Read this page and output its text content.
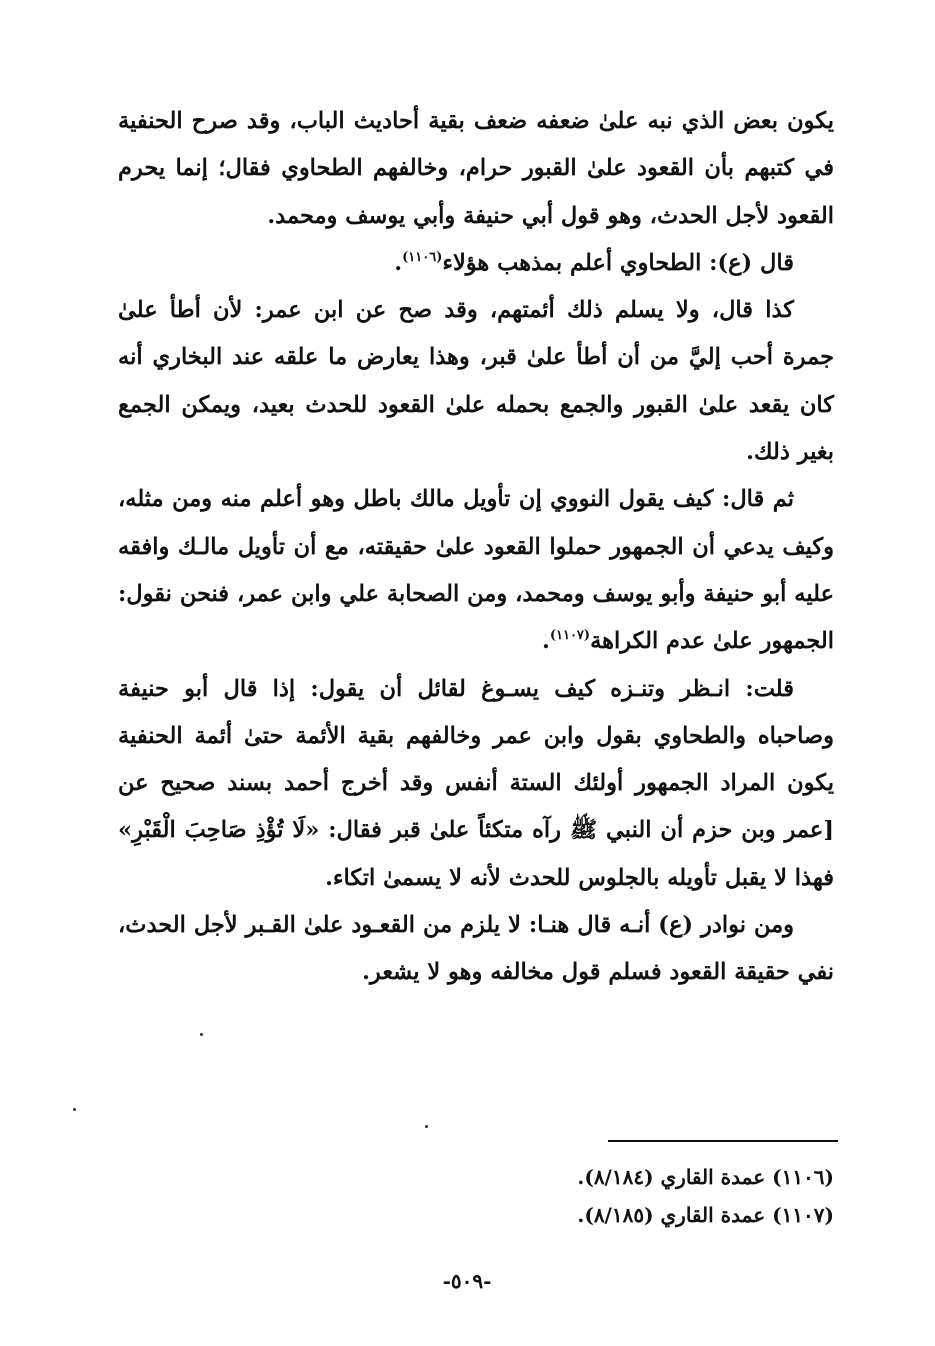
يكون بعض الذي نبه علىٰ ضعفه ضعف بقية أحاديث الباب، وقد صرح الحنفية في كتبهم بأن القعود علىٰ القبور حرام، وخالفهم الطحاوي فقال؛ إنما يحرم القعود لأجل الحدث، وهو قول أبي حنيفة وأبي يوسف ومحمد.

قال (ع): الطحاوي أعلم بمذهب هؤلاء$^{(١١٠٦)}$.

كذا قال، ولا يسلم ذلك أئمتهم، وقد صح عن ابن عمر: لأن أطأ علىٰ جمرة أحب إليَّ من أن أطأ علىٰ قبر، وهذا يعارض ما علقه عند البخاري أنه كان يقعد علىٰ القبور والجمع بحمله علىٰ القعود للحدث بعيد، ويمكن الجمع بغير ذلك.

ثم قال: كيف يقول النووي إن تأويل مالك باطل وهو أعلم منه ومن مثله، وكيف يدعي أن الجمهور حملوا القعود علىٰ حقيقته، مع أن تأويل مالـك وافقه عليه أبو حنيفة وأبو يوسف ومحمد، ومن الصحابة علي وابن عمر، فنحن نقول: الجمهور علىٰ عدم الكراهة$^{(١١٠٧)}$.

قلت: انـظر وتنـزه كيف يسـوغ لقائل أن يقول: إذا قال أبو حنيفة وصاحباه والطحاوي بقول وابن عمر وخالفهم بقية الأئمة حتىٰ أئمة الحنفية يكون المراد الجمهور أولئك الستة أنفس وقد أخرج أحمد بسند صحيح عن [عمر وبن حزم أن النبي ﷺ رآه متكئاً علىٰ قبر فقال: «لَا تُؤْذِ صَاحِبَ الْقَبْرِ» فهذا لا يقبل تأويله بالجلوس للحدث لأنه لا يسمىٰ اتكاء.

ومن نوادر (ع) أنـه قال هنـا: لا يلزم من القعـود علىٰ القـبر لأجل الحدث، نفي حقيقة القعود فسلم قول مخالفه وهو لا يشعر.

(١١٠٦) عمدة القاري (٨/١٨٤).
(١١٠٧) عمدة القاري (٨/١٨٥).
-٥٠٩-
